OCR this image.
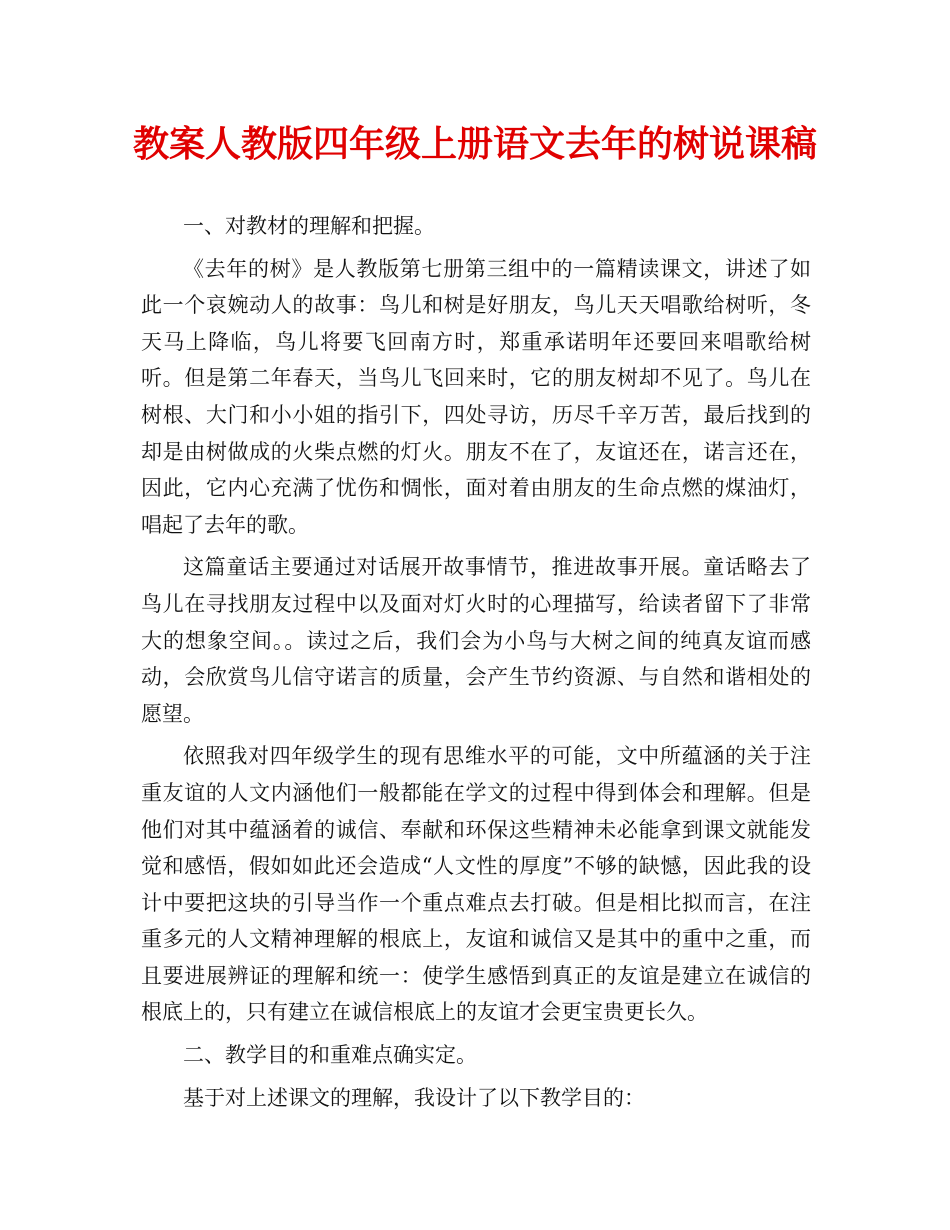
教案人教版四年级上册语文去年的树说课稿

一、对教材的理解和把握。

《去年的树》是人教版第七册第三组中的一篇精读课文，讲述了如此一个哀婉动人的故事：鸟儿和树是好朋友，鸟儿天天唱歌给树听，冬天马上降临，鸟儿将要飞回南方时，郑重承诺明年还要回来唱歌给树听。但是第二年春天，当鸟儿飞回来时，它的朋友树却不见了。鸟儿在树根、大门和小小姐的指引下，四处寻访，历尽千辛万苦，最后找到的却是由树做成的火柴点燃的灯火。朋友不在了，友谊还在，诺言还在，因此，它内心充满了忧伤和惆怅，面对着由朋友的生命点燃的煤油灯，唱起了去年的歌。

这篇童话主要通过对话展开故事情节，推进故事开展。童话略去了鸟儿在寻找朋友过程中以及面对灯火时的心理描写，给读者留下了非常大的想象空间。。读过之后，我们会为小鸟与大树之间的纯真友谊而感动，会欣赏鸟儿信守诺言的质量，会产生节约资源、与自然和谐相处的愿望。

依照我对四年级学生的现有思维水平的可能，文中所蕴涵的关于注重友谊的人文内涵他们一般都能在学文的过程中得到体会和理解。但是他们对其中蕴涵着的诚信、奉献和环保这些精神未必能拿到课文就能发觉和感悟，假如如此还会造成“人文性的厚度”不够的缺憾，因此我的设计中要把这块的引导当作一个重点难点去打破。但是相比拟而言，在注重多元的人文精神理解的根底上，友谊和诚信又是其中的重中之重，而且要进展辨证的理解和统一：使学生感悟到真正的友谊是建立在诚信的根底上的，只有建立在诚信根底上的友谊才会更宝贵更长久。

二、教学目的和重难点确实定。

基于对上述课文的理解，我设计了以下教学目的：
